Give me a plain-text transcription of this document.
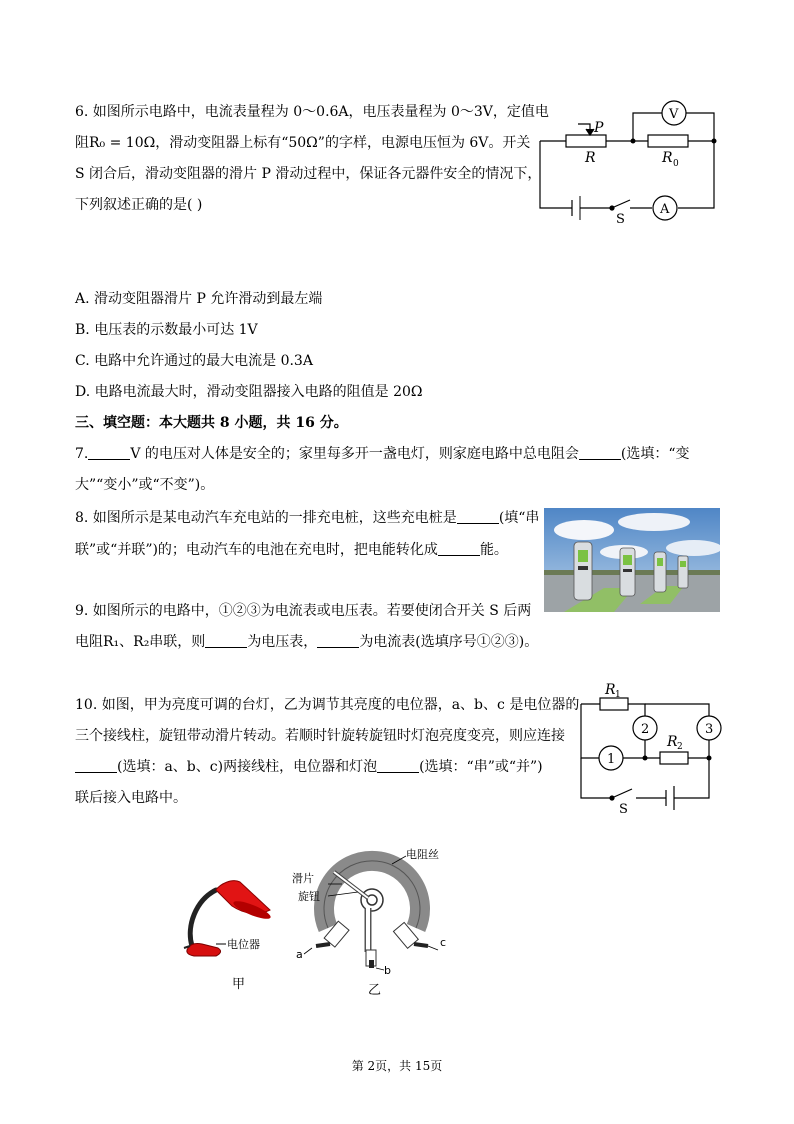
6. 如图所示电路中，电流表量程为 0～0.6A，电压表量程为 0～3V，定值电
阻R₀ = 10Ω，滑动变阻器上标有“50Ω”的字样，电源电压恒为 6V。开关
S 闭合后，滑动变阻器的滑片 P 滑动过程中，保证各元器件安全的情况下，
下列叙述正确的是( )
V
A
P
R	R 0
S
A. 滑动变阻器滑片 P 允许滑动到最左端
B. 电压表的示数最小可达 1V
C. 电路中允许通过的最大电流是 0.3A
D. 电路电流最大时，滑动变阻器接入电路的阻值是 20Ω
三、填空题：本大题共 8 小题，共 16 分。
7.	V 的电压对人体是安全的；家里每多开一盏电灯，则家庭电路中总电阻会	(选填：“变
大”“变小”或“不变”)。
8. 如图所示是某电动汽车充电站的一排充电桩，这些充电桩是	(填“串
联”或“并联”)的；电动汽车的电池在充电时，把电能转化成	能。
9. 如图所示的电路中，①②③为电流表或电压表。若要使闭合开关 S 后两
电阻R₁、R₂串联，则	为电压表，	为电流表(选填序号①②③)。
R 1
R 2
1
2	3
S
10. 如图，甲为亮度可调的台灯，乙为调节其亮度的电位器，a、b、c 是电位器的
三个接线柱，旋钮带动滑片转动。若顺时针旋转旋钮时灯泡亮度变亮，则应连接
(选填：a、b、c)两接线柱，电位器和灯泡	(选填：“串”或“并”)
联后接入电路中。
电位器
甲
电阻丝
滑片
旋钮
a
b
c
乙
第 2页，共 15页
